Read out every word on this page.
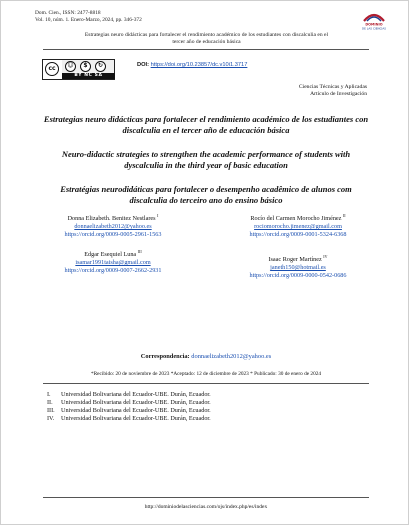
Dom. Cien., ISSN: 2477-8818
Vol. 10, núm. 1. Enero-Marzo, 2024, pp. 346-372
DOMINIO
DE LAS CIENCIAS
Estrategias neuro didácticas para fortalecer el rendimiento académico de los estudiantes con discalculia en el
tercer año de educación básica
cc	☺	$	↻
BY NC SA
DOI: https://doi.org/10.23857/dc.v10i1.3717
Ciencias Técnicas y Aplicadas
Artículo de Investigación
Estrategias neuro didácticas para fortalecer el rendimiento académico de los estudiantes con discalculia en el tercer año de educación básica
Neuro-didactic strategies to strengthen the academic performance of students with dyscalculia in the third year of basic education
Estratégias neurodidáticas para fortalecer o desempenho acadêmico de alunos com discalculia do terceiro ano do ensino básico
Donna Elizabeth. Benitez Nestlares $^I$
donnaelizabeth2012@yahoo.es
https://orcid.org/0009-0005-2961-1563
Rocío del Carmen Morocho Jiménez $^{II}$
rociomorocho.jimenez@gmail.com
https://orcid.org/0009-0001-5324-6368
Edgar Esequiel Luna $^{III}$
isamar1991taisha@gmail.com
https://orcid.org/0009-0007-2662-2931
Isaac Roger Martínez $^{IV}$
janeth150@hotmail.es
https://orcid.org/0009-0000-0542-0686
Correspondencia: donnaelizabeth2012@yahoo.es
*Recibido: 20 de noviembre de 2023 *Aceptado: 12 de diciembre de 2023 * Publicado: 30 de enero de 2024
I. Universidad Bolivariana del Ecuador-UBE. Durán, Ecuador.
II. Universidad Bolivariana del Ecuador-UBE. Durán, Ecuador.
III. Universidad Bolivariana del Ecuador-UBE. Durán, Ecuador.
IV. Universidad Bolivariana del Ecuador-UBE. Durán, Ecuador.
http://dominiodelasciencias.com/ojs/index.php/es/index
